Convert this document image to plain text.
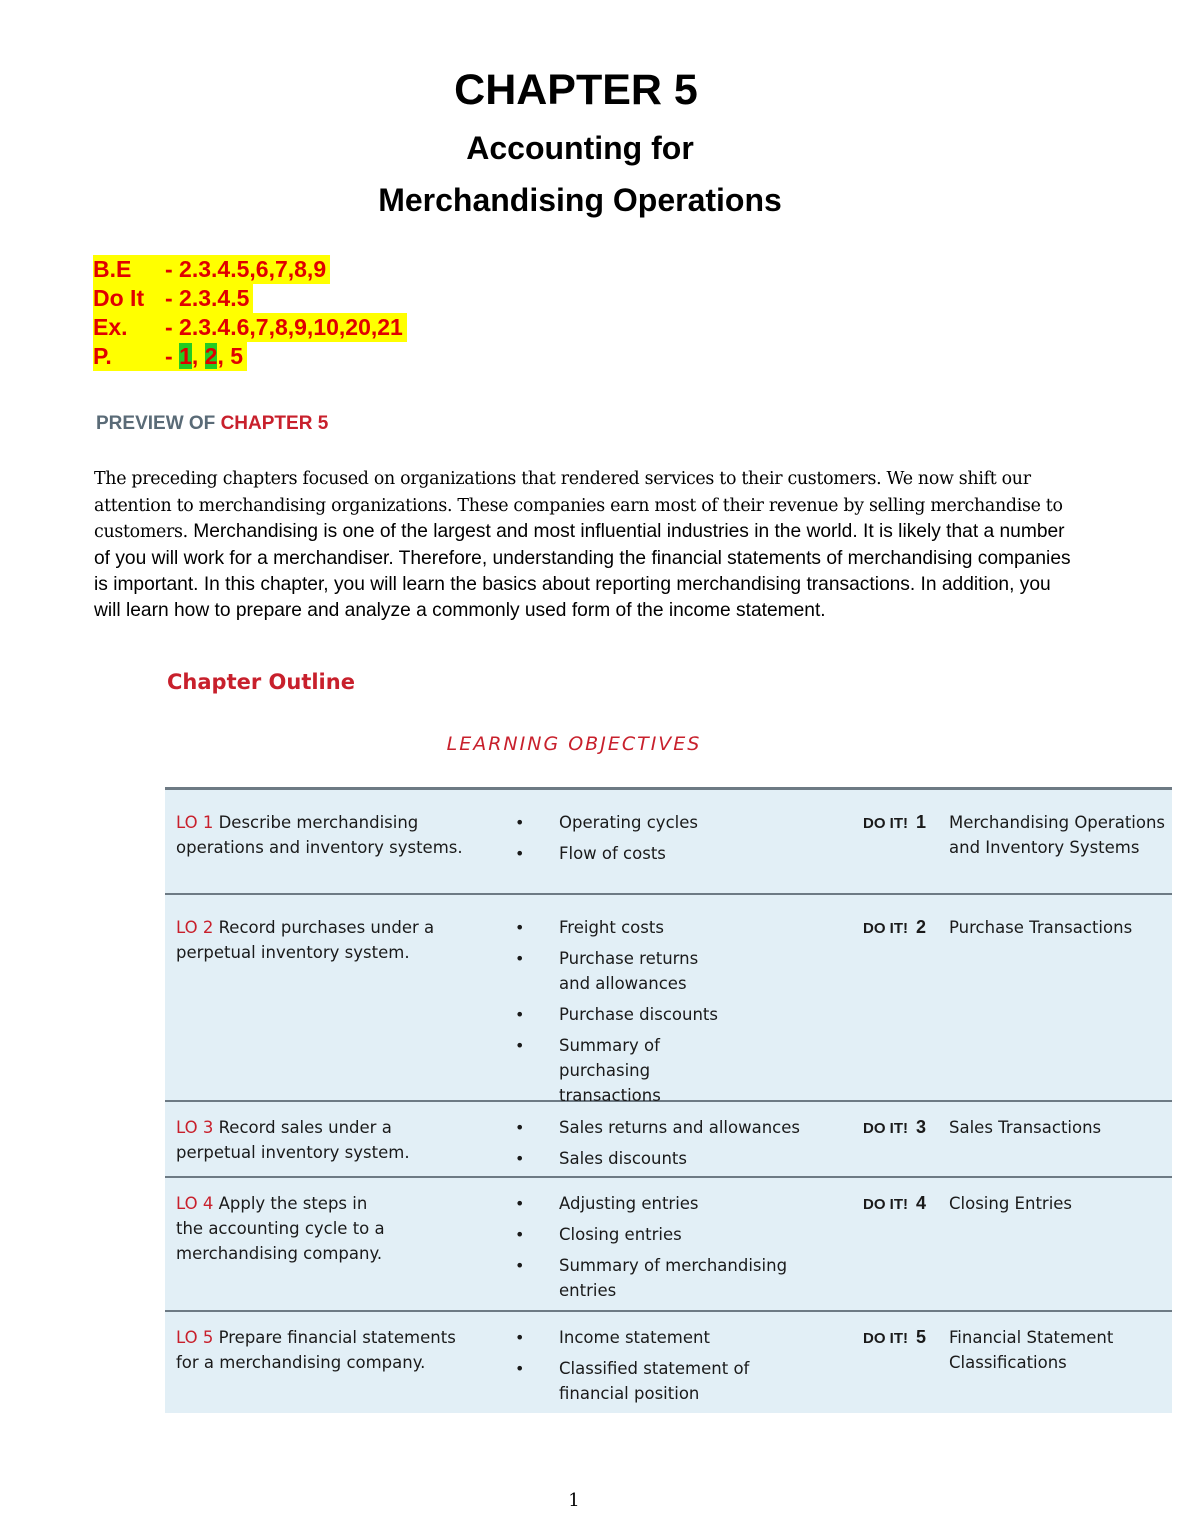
CHAPTER 5
Accounting for
Merchandising Operations
B.E - 2.3.4.5,6,7,8,9
Do It - 2.3.4.5
Ex. - 2.3.4.6,7,8,9,10,20,21
P. - 1, 2, 5
PREVIEW OF CHAPTER 5
The preceding chapters focused on organizations that rendered services to their customers. We now shift our attention to merchandising organizations. These companies earn most of their revenue by selling merchandise to customers. Merchandising is one of the largest and most influential industries in the world. It is likely that a number of you will work for a merchandiser. Therefore, understanding the financial statements of merchandising companies is important. In this chapter, you will learn the basics about reporting merchandising transactions. In addition, you will learn how to prepare and analyze a commonly used form of the income statement.
Chapter Outline
LEARNING OBJECTIVES
LO 1 Describe merchandising operations and inventory systems.
• Operating cycles
• Flow of costs
DO IT! 1	Merchandising Operations and Inventory Systems
LO 2 Record purchases under a perpetual inventory system.
• Freight costs
• Purchase returns and allowances
• Purchase discounts
• Summary of purchasing transactions
DO IT! 2	Purchase Transactions
LO 3 Record sales under a perpetual inventory system.
• Sales returns and allowances
• Sales discounts
DO IT! 3	Sales Transactions
LO 4 Apply the steps in the accounting cycle to a merchandising company.
• Adjusting entries
• Closing entries
• Summary of merchandising entries
DO IT! 4	Closing Entries
LO 5 Prepare financial statements for a merchandising company.
• Income statement
• Classified statement of financial position
DO IT! 5	Financial Statement Classifications
1
